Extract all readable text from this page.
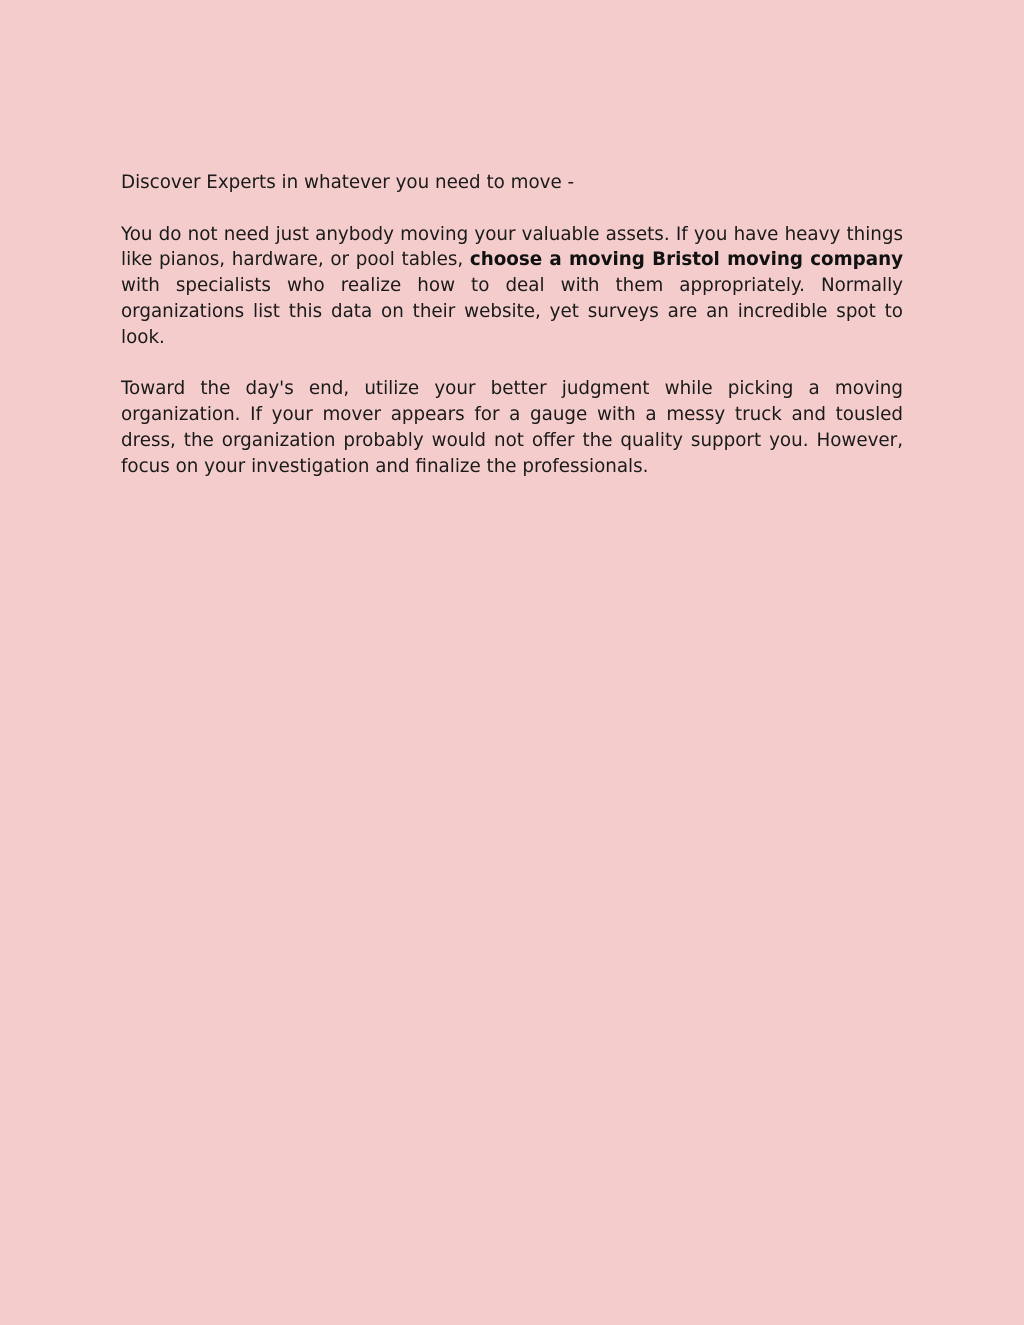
Discover Experts in whatever you need to move -

You do not need just anybody moving your valuable assets. If you have heavy things like pianos, hardware, or pool tables, choose a moving Bristol moving company with specialists who realize how to deal with them appropriately. Normally organizations list this data on their website, yet surveys are an incredible spot to look.

Toward the day's end, utilize your better judgment while picking a moving organization. If your mover appears for a gauge with a messy truck and tousled dress, the organization probably would not offer the quality support you. However, focus on your investigation and finalize the professionals.
